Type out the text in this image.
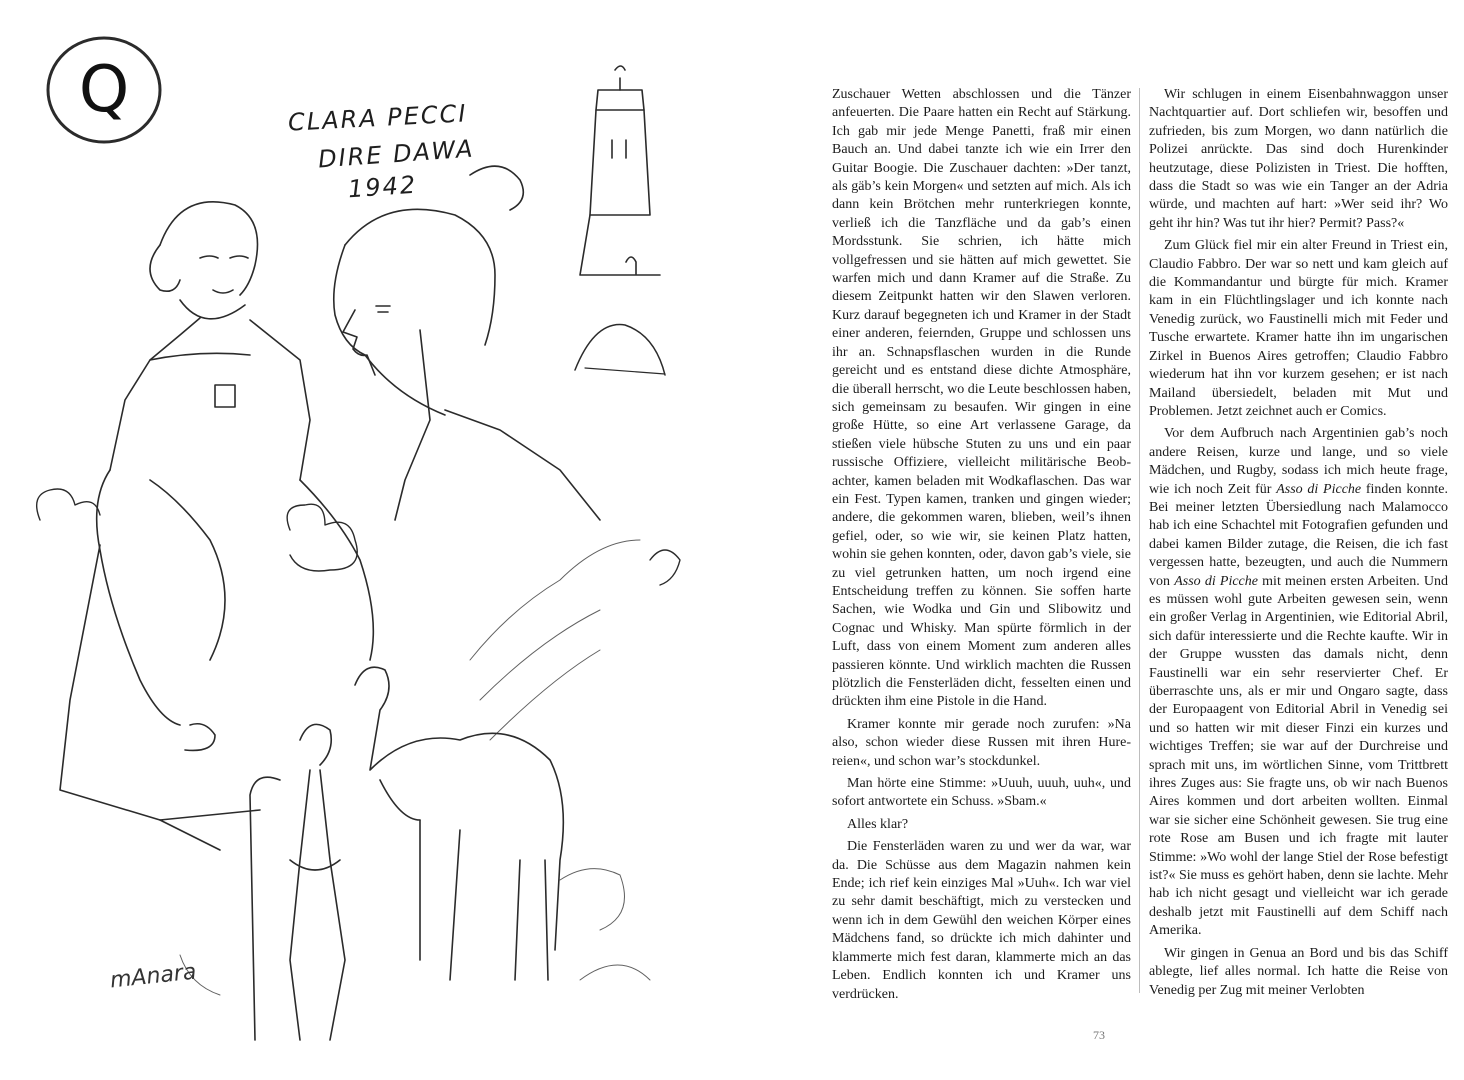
Q	CLARA PECCI
DIRE DAWA
1942
mAnara

Zuschauer Wetten abschlossen und die Tänzer anfeuerten. Die Paare hatten ein Recht auf Stärkung. Ich gab mir jede Menge Panetti, fraß mir einen Bauch an. Und dabei tanzte ich wie ein Irrer den Guitar Boogie. Die Zuschauer dachten: »Der tanzt, als gäb’s kein Morgen« und setzten auf mich. Als ich dann kein Brötchen mehr runterkriegen konnte, verließ ich die Tanzfläche und da gab’s einen Mordsstunk. Sie schrien, ich hätte mich vollgefressen und sie hätten auf mich gewettet. Sie warfen mich und dann Kramer auf die Straße. Zu diesem Zeitpunkt hatten wir den Slawen verloren. Kurz darauf begegneten ich und Kramer in der Stadt einer anderen, feiernden, Gruppe und schlossen uns ihr an. Schnapsflaschen wurden in die Runde gereicht und es entstand diese dichte Atmosphäre, die überall herrscht, wo die Leute beschlossen haben, sich gemeinsam zu besaufen. Wir gingen in eine große Hütte, so eine Art verlassene Garage, da stießen viele hübsche Stuten zu uns und ein paar russische Offiziere, vielleicht militärische Beobachter, kamen beladen mit Wodkaflaschen. Das war ein Fest. Typen kamen, tranken und gingen wieder; andere, die gekommen waren, blieben, weil’s ihnen gefiel, oder, so wie wir, sie keinen Platz hatten, wohin sie gehen konnten, oder, davon gab’s viele, sie zu viel getrunken hatten, um noch irgend eine Entscheidung treffen zu können. Sie soffen harte Sachen, wie Wodka und Gin und Slibowitz und Cognac und Whisky. Man spürte förmlich in der Luft, dass von einem Moment zum anderen alles passieren könnte. Und wirklich machten die Russen plötzlich die Fensterläden dicht, fesselten einen und drückten ihm eine Pistole in die Hand.

Kramer konnte mir gerade noch zurufen: »Na also, schon wieder diese Russen mit ihren Hurereien«, und schon war’s stockdunkel.

Man hörte eine Stimme: »Uuuh, uuuh, uuh«, und sofort antwortete ein Schuss. »Sbam.«

Alles klar?

Die Fensterläden waren zu und wer da war, war da. Die Schüsse aus dem Magazin nahmen kein Ende; ich rief kein einziges Mal »Uuh«. Ich war viel zu sehr damit beschäftigt, mich zu verstecken und wenn ich in dem Gewühl den weichen Körper eines Mädchens fand, so drückte ich mich dahinter und klammerte mich fest daran, klammerte mich an das Leben. Endlich konnten ich und Kramer uns verdrücken.

Wir schlugen in einem Eisenbahnwaggon unser Nachtquartier auf. Dort schliefen wir, besoffen und zufrieden, bis zum Morgen, wo dann natürlich die Polizei anrückte. Das sind doch Hurenkinder heutzutage, diese Polizisten in Triest. Die hofften, dass die Stadt so was wie ein Tanger an der Adria würde, und machten auf hart: »Wer seid ihr? Wo geht ihr hin? Was tut ihr hier? Permit? Pass?«

Zum Glück fiel mir ein alter Freund in Triest ein, Claudio Fabbro. Der war so nett und kam gleich auf die Kommandantur und bürgte für mich. Kramer kam in ein Flüchtlingslager und ich konnte nach Venedig zurück, wo Faustinelli mich mit Feder und Tusche erwartete. Kramer hatte ihn im ungarischen Zirkel in Buenos Aires getroffen; Claudio Fabbro wiederum hat ihn vor kurzem gesehen; er ist nach Mailand übersiedelt, beladen mit Mut und Problemen. Jetzt zeichnet auch er Comics.

Vor dem Aufbruch nach Argentinien gab’s noch andere Reisen, kurze und lange, und so viele Mädchen, und Rugby, sodass ich mich heute frage, wie ich noch Zeit für Asso di Picche finden konnte. Bei meiner letzten Übersiedlung nach Malamocco hab ich eine Schachtel mit Fotografien gefunden und dabei kamen Bilder zutage, die Reisen, die ich fast vergessen hatte, bezeugten, und auch die Nummern von Asso di Picche mit meinen ersten Arbeiten. Und es müssen wohl gute Arbeiten gewesen sein, wenn ein großer Verlag in Argentinien, wie Editorial Abril, sich dafür interessierte und die Rechte kaufte. Wir in der Gruppe wussten das damals nicht, denn Faustinelli war ein sehr reservierter Chef. Er überraschte uns, als er mir und Ongaro sagte, dass der Europaagent von Editorial Abril in Venedig sei und so hatten wir mit dieser Finzi ein kurzes und wichtiges Treffen; sie war auf der Durchreise und sprach mit uns, im wörtlichen Sinne, vom Trittbrett ihres Zuges aus: Sie fragte uns, ob wir nach Buenos Aires kommen und dort arbeiten wollten. Einmal war sie sicher eine Schönheit gewesen. Sie trug eine rote Rose am Busen und ich fragte mit lauter Stimme: »Wo wohl der lange Stiel der Rose befestigt ist?« Sie muss es gehört haben, denn sie lachte. Mehr hab ich nicht gesagt und vielleicht war ich gerade deshalb jetzt mit Faustinelli auf dem Schiff nach Amerika.

Wir gingen in Genua an Bord und bis das Schiff ablegte, lief alles normal. Ich hatte die Reise von Venedig per Zug mit meiner Verlobten

73
